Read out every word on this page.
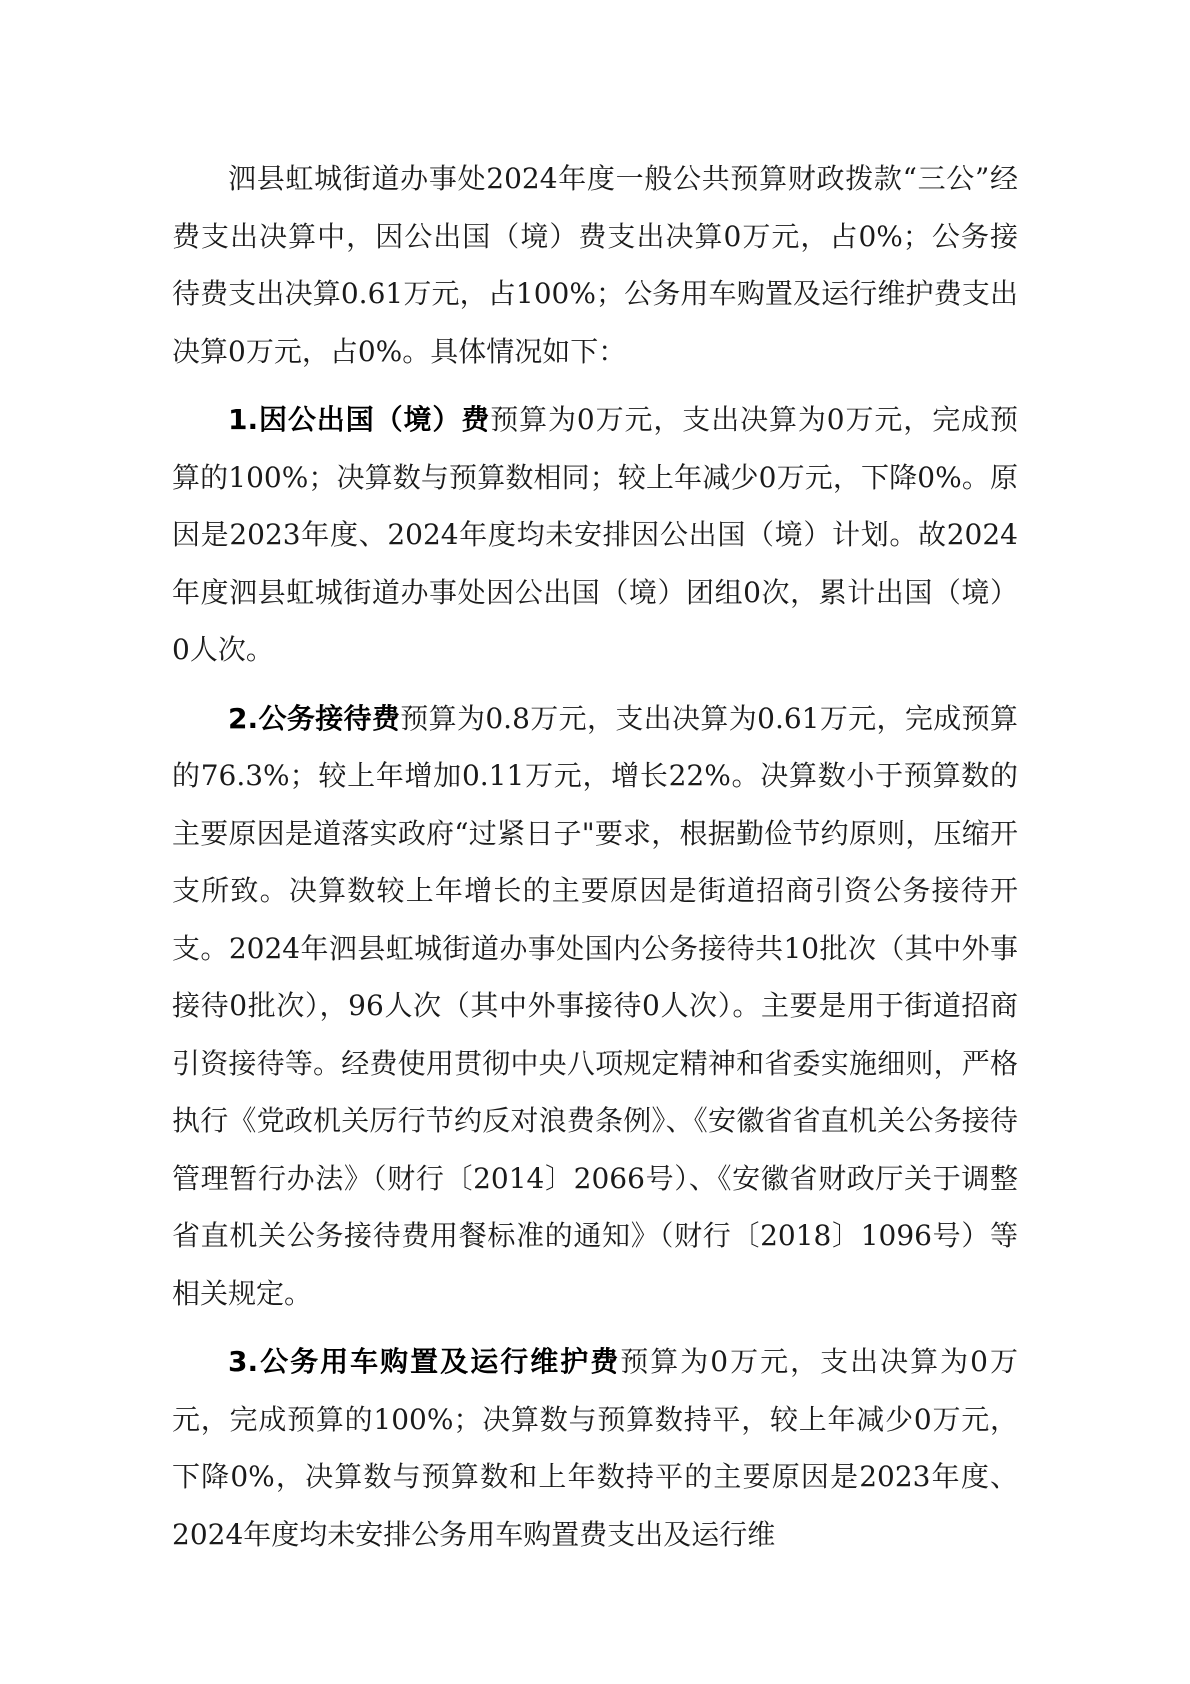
泗县虹城街道办事处2024年度一般公共预算财政拨款“三公”经费支出决算中，因公出国（境）费支出决算0万元，占0%；公务接待费支出决算0.61万元，占100%；公务用车购置及运行维护费支出决算0万元，占0%。具体情况如下：

1.因公出国（境）费预算为0万元，支出决算为0万元，完成预算的100%；决算数与预算数相同；较上年减少0万元，下降0%。原因是2023年度、2024年度均未安排因公出国（境）计划。故2024年度泗县虹城街道办事处因公出国（境）团组0次，累计出国（境）0人次。

2.公务接待费预算为0.8万元，支出决算为0.61万元，完成预算的76.3%；较上年增加0.11万元，增长22%。决算数小于预算数的主要原因是道落实政府“过紧日子"要求，根据勤俭节约原则，压缩开支所致。决算数较上年增长的主要原因是街道招商引资公务接待开支。2024年泗县虹城街道办事处国内公务接待共10批次（其中外事接待0批次），96人次（其中外事接待0人次）。主要是用于街道招商引资接待等。经费使用贯彻中央八项规定精神和省委实施细则，严格执行《党政机关厉行节约反对浪费条例》、《安徽省省直机关公务接待管理暂行办法》（财行〔2014〕2066号）、《安徽省财政厅关于调整省直机关公务接待费用餐标准的通知》（财行〔2018〕1096号）等相关规定。

3.公务用车购置及运行维护费预算为0万元，支出决算为0万元，完成预算的100%；决算数与预算数持平，较上年减少0万元，下降0%，决算数与预算数和上年数持平的主要原因是2023年度、2024年度均未安排公务用车购置费支出及运行维
